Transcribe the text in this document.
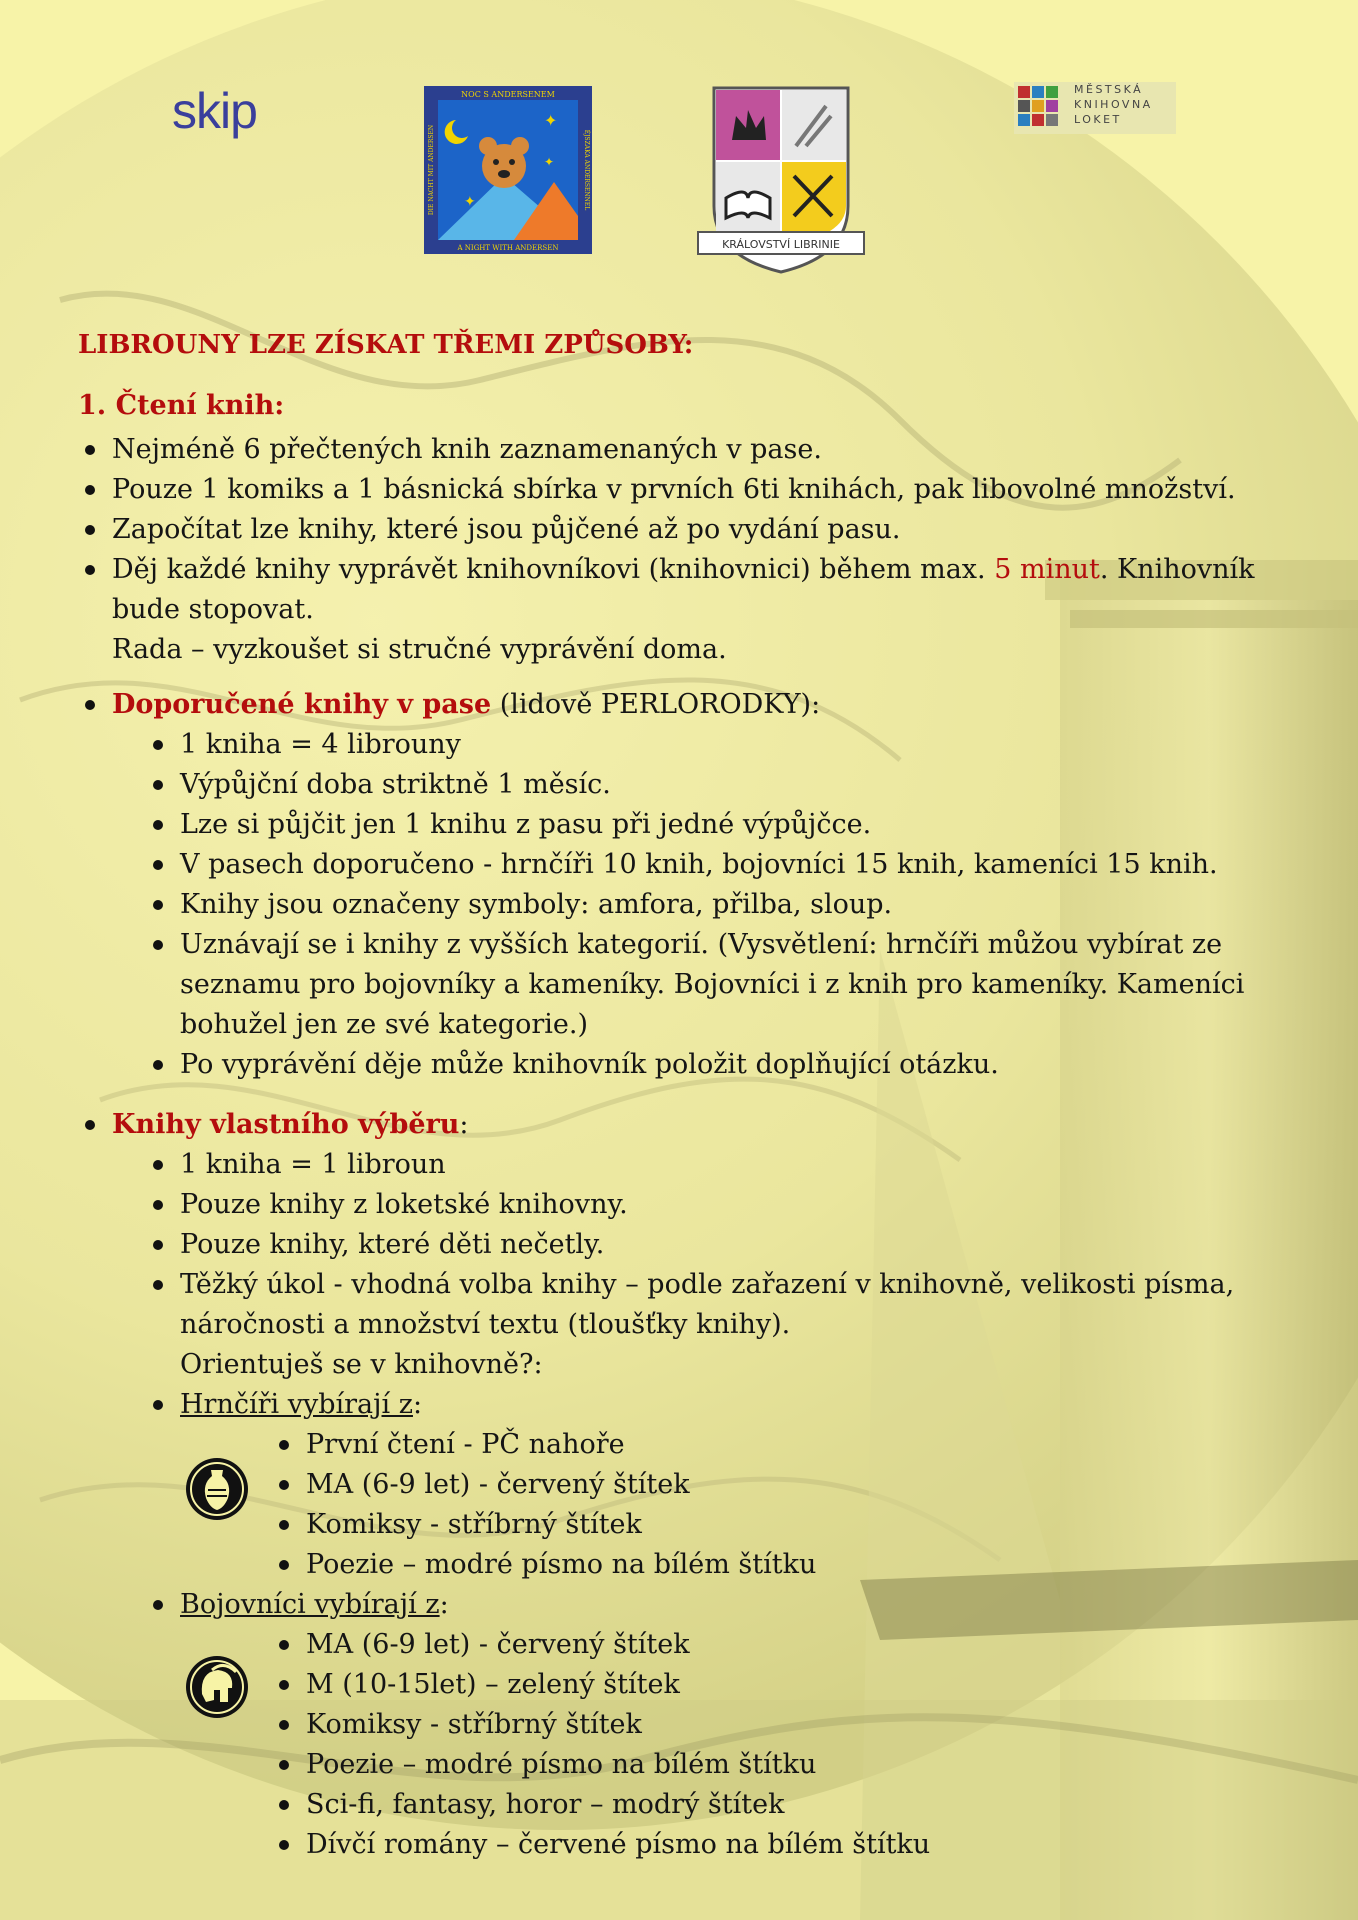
skip	✦
✦
✦
NOC S ANDERSENEM
A NIGHT WITH ANDERSEN
DIE NACHT MIT ANDERSEN	ÉJSZAKA ANDERSENNEL
KRÁLOVSTVÍ LIBRINIE
MĚSTSKÁ
KNIHOVNA
LOKET
LIBROUNY LZE ZÍSKAT TŘEMI ZPŮSOBY:
1. Čtení knih:
Nejméně 6 přečtených knih zaznamenaných v pase.
Pouze 1 komiks a 1 básnická sbírka v prvních 6ti knihách, pak libovolné množství.
Započítat lze knihy, které jsou půjčené až po vydání pasu.
Děj každé knihy vyprávět knihovníkovi (knihovnici) během max. 5 minut. Knihovník
bude stopovat.
Rada – vyzkoušet si stručné vyprávění doma.
Doporučené knihy v pase (lidově PERLORODKY):
1 kniha = 4 librouny
Výpůjční doba striktně 1 měsíc.
Lze si půjčit jen 1 knihu z pasu při jedné výpůjčce.
V pasech doporučeno - hrnčíři 10 knih, bojovníci 15 knih, kameníci 15 knih.
Knihy jsou označeny symboly: amfora, přilba, sloup.
Uznávají se i knihy z vyšších kategorií. (Vysvětlení: hrnčíři můžou vybírat ze
seznamu pro bojovníky a kameníky. Bojovníci i z knih pro kameníky. Kameníci
bohužel jen ze své kategorie.)
Po vyprávění děje může knihovník položit doplňující otázku.
Knihy vlastního výběru:
1 kniha = 1 libroun
Pouze knihy z loketské knihovny.
Pouze knihy, které děti nečetly.
Těžký úkol - vhodná volba knihy – podle zařazení v knihovně, velikosti písma,
náročnosti a množství textu (tloušťky knihy).
Orientuješ se v knihovně?:
Hrnčíři vybírají z:
První čtení - PČ nahoře
MA (6-9 let) - červený štítek
Komiksy - stříbrný štítek
Poezie – modré písmo na bílém štítku
Bojovníci vybírají z:
MA (6-9 let) - červený štítek
M (10-15let) – zelený štítek
Komiksy - stříbrný štítek
Poezie – modré písmo na bílém štítku
Sci-fi, fantasy, horor – modrý štítek
Dívčí romány – červené písmo na bílém štítku
